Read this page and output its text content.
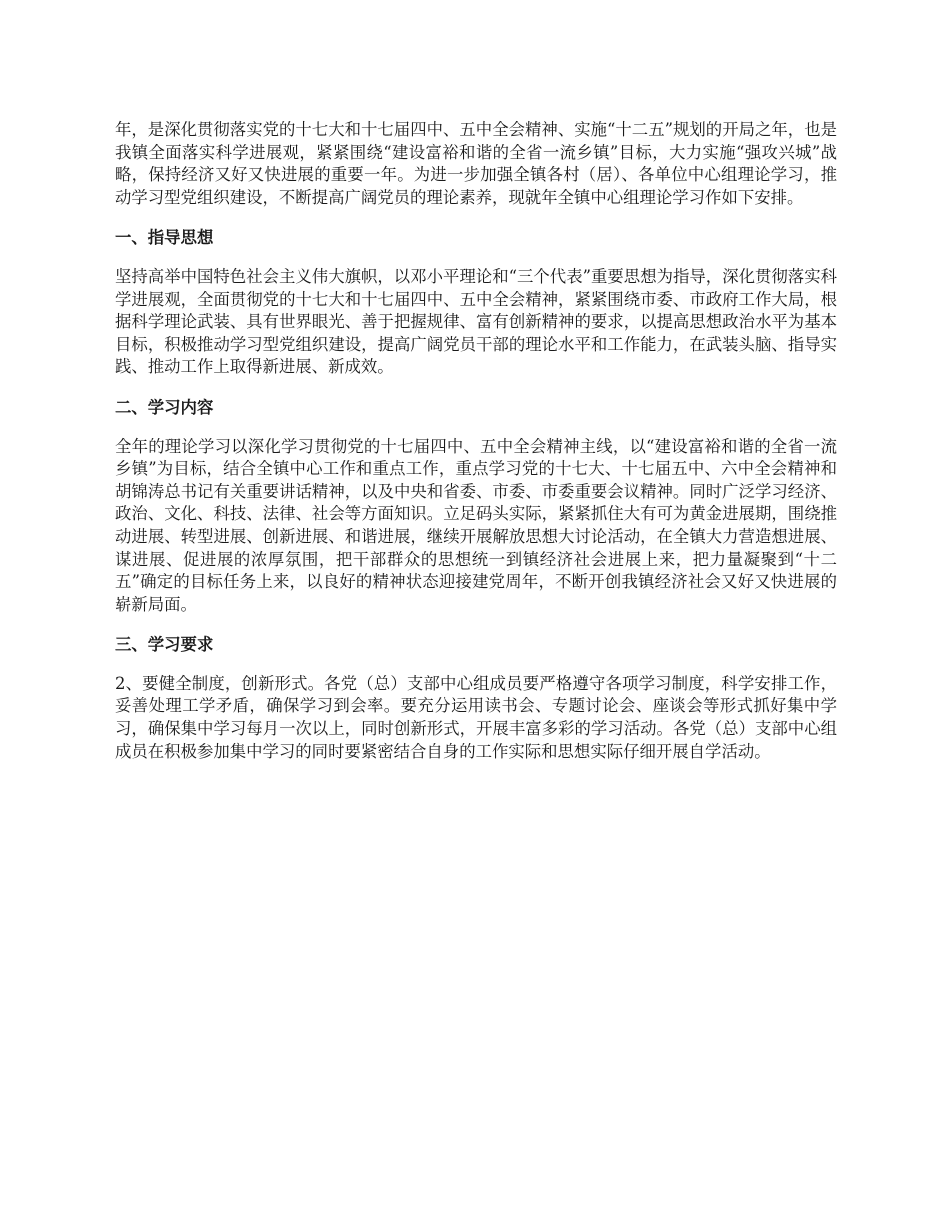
年，是深化贯彻落实党的十七大和十七届四中、五中全会精神、实施“十二五”规划的开局之年，也是我镇全面落实科学进展观，紧紧围绕“建设富裕和谐的全省一流乡镇”目标，大力实施“强攻兴城”战略，保持经济又好又快进展的重要一年。为进一步加强全镇各村（居）、各单位中心组理论学习，推动学习型党组织建设，不断提高广阔党员的理论素养，现就年全镇中心组理论学习作如下安排。

一、指导思想

坚持高举中国特色社会主义伟大旗帜，以邓小平理论和“三个代表”重要思想为指导，深化贯彻落实科学进展观，全面贯彻党的十七大和十七届四中、五中全会精神，紧紧围绕市委、市政府工作大局，根据科学理论武装、具有世界眼光、善于把握规律、富有创新精神的要求，以提高思想政治水平为基本目标，积极推动学习型党组织建设，提高广阔党员干部的理论水平和工作能力，在武装头脑、指导实践、推动工作上取得新进展、新成效。

二、学习内容

全年的理论学习以深化学习贯彻党的十七届四中、五中全会精神主线，以“建设富裕和谐的全省一流乡镇”为目标，结合全镇中心工作和重点工作，重点学习党的十七大、十七届五中、六中全会精神和胡锦涛总书记有关重要讲话精神，以及中央和省委、市委、市委重要会议精神。同时广泛学习经济、政治、文化、科技、法律、社会等方面知识。立足码头实际，紧紧抓住大有可为黄金进展期，围绕推动进展、转型进展、创新进展、和谐进展，继续开展解放思想大讨论活动，在全镇大力营造想进展、谋进展、促进展的浓厚氛围，把干部群众的思想统一到镇经济社会进展上来，把力量凝聚到“十二五”确定的目标任务上来，以良好的精神状态迎接建党周年，不断开创我镇经济社会又好又快进展的崭新局面。

三、学习要求

2、要健全制度，创新形式。各党（总）支部中心组成员要严格遵守各项学习制度，科学安排工作，妥善处理工学矛盾，确保学习到会率。要充分运用读书会、专题讨论会、座谈会等形式抓好集中学习，确保集中学习每月一次以上，同时创新形式，开展丰富多彩的学习活动。各党（总）支部中心组成员在积极参加集中学习的同时要紧密结合自身的工作实际和思想实际仔细开展自学活动。
